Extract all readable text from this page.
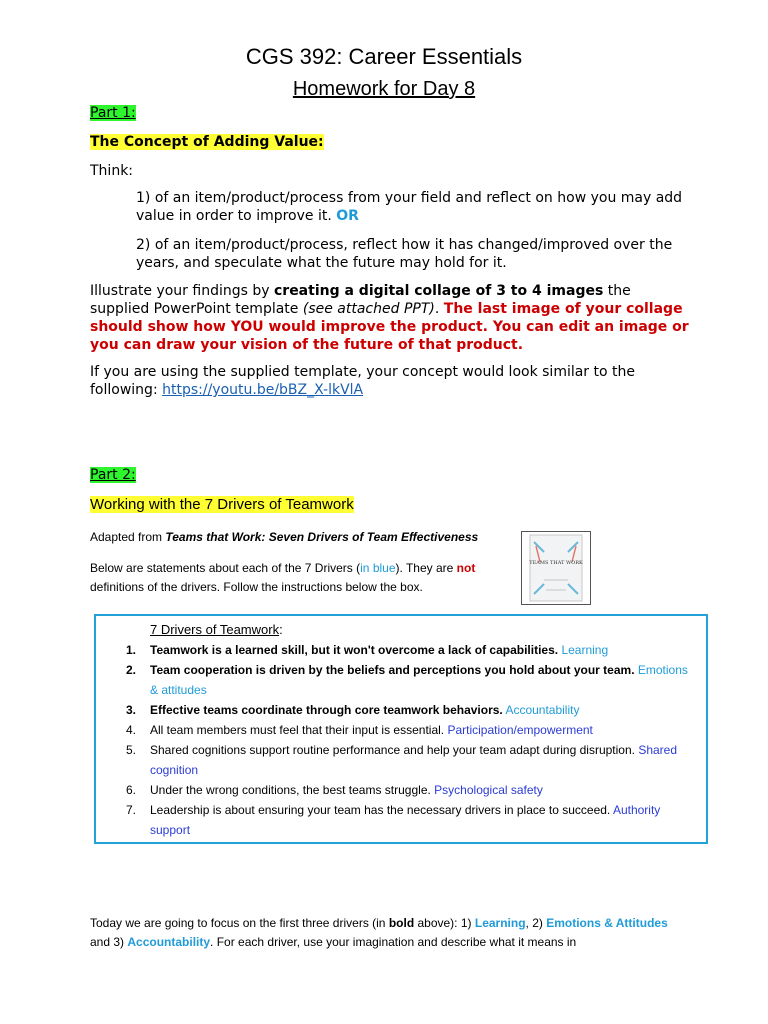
CGS 392: Career Essentials
Homework for Day 8
Part 1:
The Concept of Adding Value:
Think:
1) of an item/product/process from your field and reflect on how you may add value in order to improve it. OR
2) of an item/product/process, reflect how it has changed/improved over the years, and speculate what the future may hold for it.
Illustrate your findings by creating a digital collage of 3 to 4 images the supplied PowerPoint template (see attached PPT). The last image of your collage should show how YOU would improve the product. You can edit an image or you can draw your vision of the future of that product.
If you are using the supplied template, your concept would look similar to the following: https://youtu.be/bBZ_X-lkVlA
Part 2:
Working with the 7 Drivers of Teamwork
Adapted from Teams that Work: Seven Drivers of Team Effectiveness
Below are statements about each of the 7 Drivers (in blue). They are not definitions of the drivers. Follow the instructions below the box.
TEAMS THAT WORK
7 Drivers of Teamwork:
1. Teamwork is a learned skill, but it won't overcome a lack of capabilities. Learning
2. Team cooperation is driven by the beliefs and perceptions you hold about your team. Emotions & attitudes
3. Effective teams coordinate through core teamwork behaviors. Accountability
4. All team members must feel that their input is essential. Participation/empowerment
5. Shared cognitions support routine performance and help your team adapt during disruption. Shared cognition
6. Under the wrong conditions, the best teams struggle. Psychological safety
7. Leadership is about ensuring your team has the necessary drivers in place to succeed. Authority support
Today we are going to focus on the first three drivers (in bold above): 1) Learning, 2) Emotions & Attitudes and 3) Accountability. For each driver, use your imagination and describe what it means in
